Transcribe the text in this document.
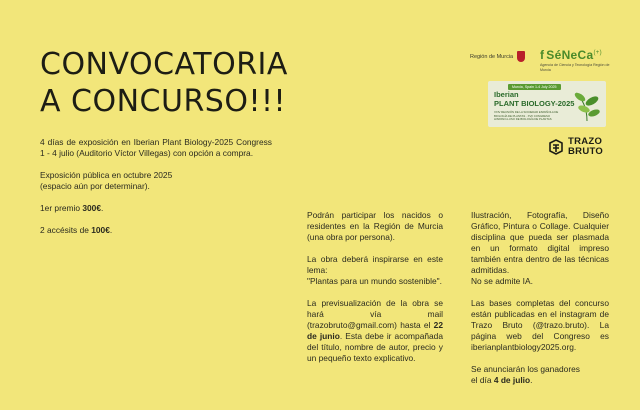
CONVOCATORIA
A CONCURSO!!!
Región de Murcia f SéNeCa(+)
Agencia de Ciencia y Tecnología Región de Murcia
Murcia, Spain 1-4 July 2025
Iberian
PLANT BIOLOGY-2025
XXIV REUNIÓN DE LA SOCIEDAD ESPAÑOLA DE BIOLOGÍA DE PLANTAS · XVII CONGRESO HISPANO-LUSO DE BIOLOGÍA DE PLANTAS
TRAZO
BRUTO

4 días de exposición en Iberian Plant Biology-2025 Congress 1 - 4 julio (Auditorio Víctor Villegas) con opción a compra.

Exposición pública en octubre 2025

(espacio aún por determinar).

1er premio 300€.

2 accésits de 100€.

Podrán participar los nacidos o residentes en la Región de Murcia (una obra por persona).

La obra deberá inspirarse en este lema:

"Plantas para un mundo sostenible".

La previsualización de la obra se hará vía mail (trazobruto@gmail.com) hasta el 22 de junio. Esta debe ir acompañada del título, nombre de autor, precio y un pequeño texto explicativo.

Ilustración, Fotografía, Diseño Gráfico, Pintura o Collage. Cualquier disciplina que pueda ser plasmada en un formato digital impreso también entra dentro de las técnicas admitidas.

No se admite IA.

Las bases completas del concurso están publicadas en el instagram de Trazo Bruto (@trazo.bruto). La página web del Congreso es iberianplantbiology2025.org.

Se anunciarán los ganadores

el día 4 de julio.
